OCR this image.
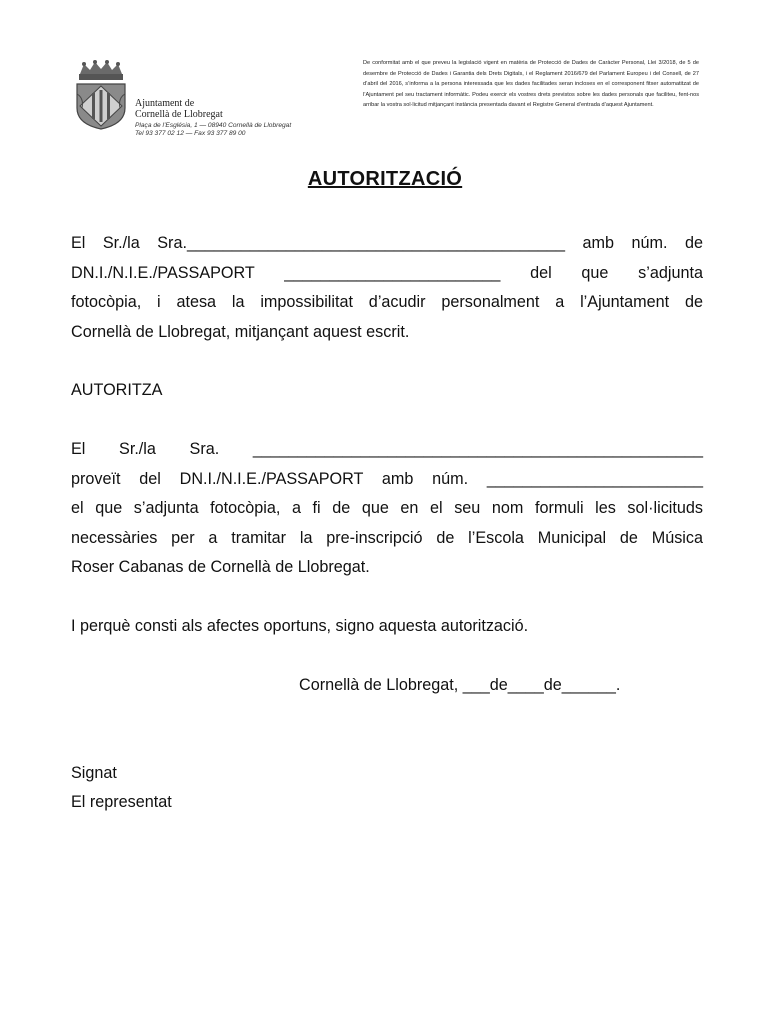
Ajuntament de
Cornellà de Llobregat
Plaça de l’Església, 1 — 08940 Cornellà de Llobregat
Tel 93 377 02 12 — Fax 93 377 89 00
De conformitat amb el que preveu la legislació vigent en matèria de Protecció de Dades de Caràcter Personal, Llei 3/2018, de 5 de desembre de Protecció de Dades i Garantia dels Drets Digitals, i el Reglament 2016/679 del Parlament Europeu i del Consell, de 27 d’abril del 2016, s’informa a la persona interessada que les dades facilitades seran incloses en el corresponent fitxer automatitzat de l’Ajuntament pel seu tractament informàtic. Podeu exercir els vostres drets previstos sobre les dades personals que faciliteu, fent-nos arribar la vostra sol·licitud mitjançant instància presentada davant el Registre General d’entrada d’aquest Ajuntament.
AUTORITZACIÓ
El Sr./la Sra.__________________________________________ amb núm. de
DN.I./N.I.E./PASSAPORT ________________________ del que s’adjunta
fotocòpia, i atesa la impossibilitat d’acudir personalment a l’Ajuntament de
Cornellà de Llobregat, mitjançant aquest escrit.
AUTORITZA
El Sr./la Sra. __________________________________________________
proveït del DN.I./N.I.E./PASSAPORT amb núm. ________________________
el que s’adjunta fotocòpia, a fi de que en el seu nom formuli les sol·licituds
necessàries per a tramitar la pre-inscripció de l’Escola Municipal de Música
Roser Cabanas de Cornellà de Llobregat.
I perquè consti als afectes oportuns, signo aquesta autorització.
Cornellà de Llobregat, ___de____de______.
Signat
El representat
